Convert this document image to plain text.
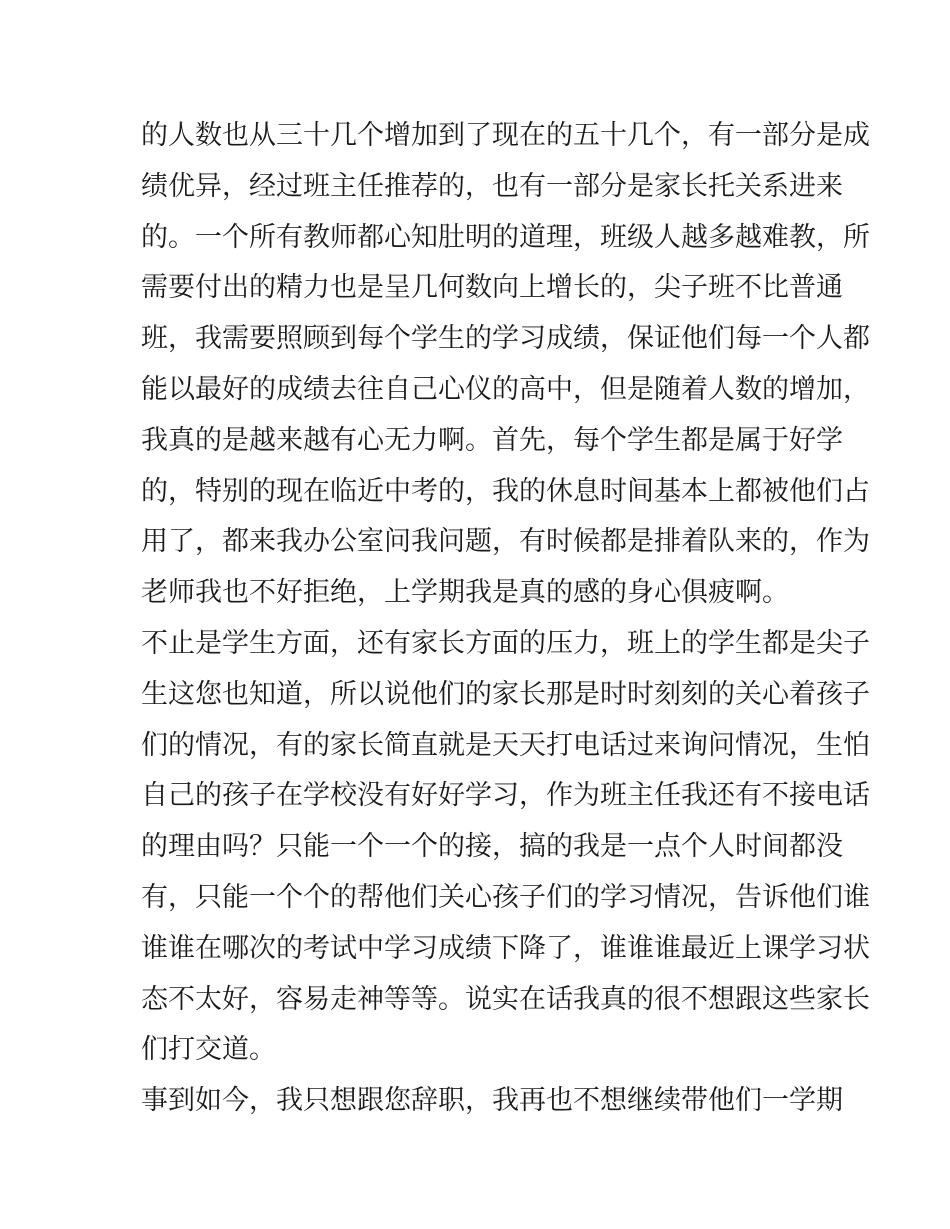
的人数也从三十几个增加到了现在的五十几个，有一部分是成
绩优异，经过班主任推荐的，也有一部分是家长托关系进来
的。一个所有教师都心知肚明的道理，班级人越多越难教，所
需要付出的精力也是呈几何数向上增长的，尖子班不比普通
班，我需要照顾到每个学生的学习成绩，保证他们每一个人都
能以最好的成绩去往自己心仪的高中，但是随着人数的增加，
我真的是越来越有心无力啊。首先，每个学生都是属于好学
的，特别的现在临近中考的，我的休息时间基本上都被他们占
用了，都来我办公室问我问题，有时候都是排着队来的，作为
老师我也不好拒绝，上学期我是真的感的身心俱疲啊。
不止是学生方面，还有家长方面的压力，班上的学生都是尖子
生这您也知道，所以说他们的家长那是时时刻刻的关心着孩子
们的情况，有的家长简直就是天天打电话过来询问情况，生怕
自己的孩子在学校没有好好学习，作为班主任我还有不接电话
的理由吗？只能一个一个的接，搞的我是一点个人时间都没
有，只能一个个的帮他们关心孩子们的学习情况，告诉他们谁
谁谁在哪次的考试中学习成绩下降了，谁谁谁最近上课学习状
态不太好，容易走神等等。说实在话我真的很不想跟这些家长
们打交道。
事到如今，我只想跟您辞职，我再也不想继续带他们一学期
